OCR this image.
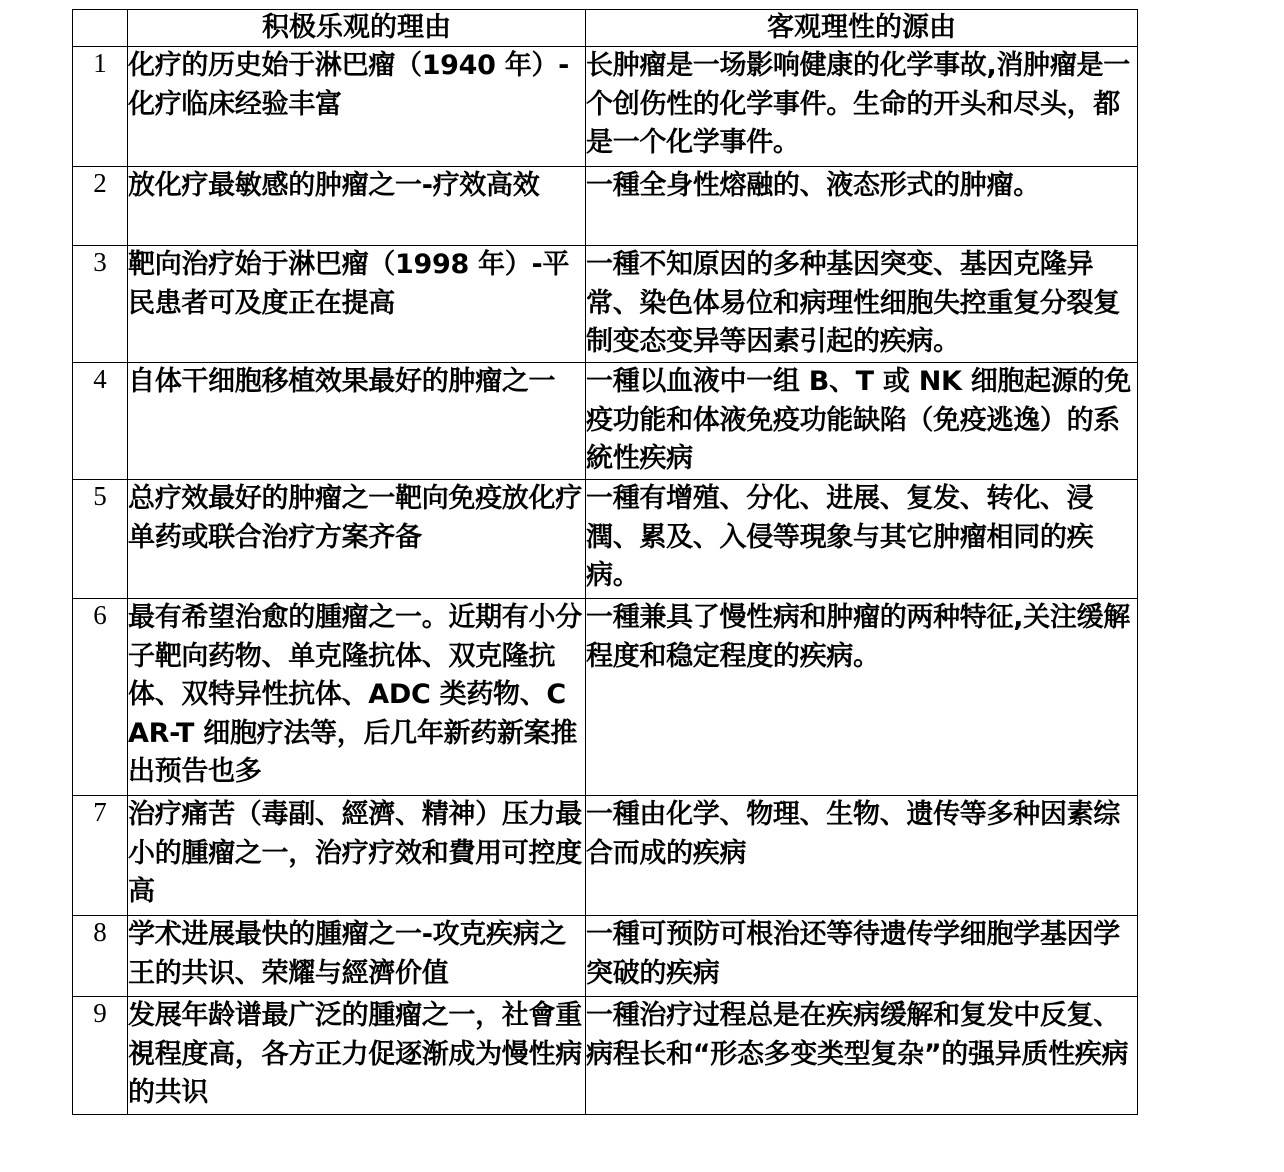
	积极乐观的理由	客观理性的源由
1	化疗的历史始于淋巴瘤（1940 年）-化疗临床经验丰富	长肿瘤是一场影响健康的化学事故,消肿瘤是一个创伤性的化学事件。生命的开头和尽头，都是一个化学事件。
2	放化疗最敏感的肿瘤之一-疗效高效	一種全身性熔融的、液态形式的肿瘤。
3	靶向治疗始于淋巴瘤（1998 年）-平民患者可及度正在提高	一種不知原因的多种基因突变、基因克隆异常、染色体易位和病理性细胞失控重复分裂复制变态变异等因素引起的疾病。
4	自体干细胞移植效果最好的肿瘤之一	一種以血液中一组 B、T 或 NK 细胞起源的免疫功能和体液免疫功能缺陷（免疫逃逸）的系統性疾病
5	总疗效最好的肿瘤之一靶向免疫放化疗单药或联合治疗方案齐备	一種有增殖、分化、进展、复发、转化、浸潤、累及、入侵等現象与其它肿瘤相同的疾病。
6	最有希望治愈的腫瘤之一。近期有小分子靶向药物、单克隆抗体、双克隆抗体、双特异性抗体、ADC 类药物、CAR-T 细胞疗法等，后几年新药新案推出预告也多	一種兼具了慢性病和肿瘤的两种特征,关注缓解程度和稳定程度的疾病。
7	治疗痛苦（毒副、經濟、精神）压力最小的腫瘤之一，治疗疗效和費用可控度高	一種由化学、物理、生物、遗传等多种因素综合而成的疾病
8	学术进展最快的腫瘤之一-攻克疾病之王的共识、荣耀与經濟价值	一種可预防可根治还等待遗传学细胞学基因学突破的疾病
9	发展年龄谱最广泛的腫瘤之一，社會重視程度高，各方正力促逐渐成为慢性病的共识	一種治疗过程总是在疾病缓解和复发中反复、病程长和“形态多变类型复杂”的强异质性疾病
